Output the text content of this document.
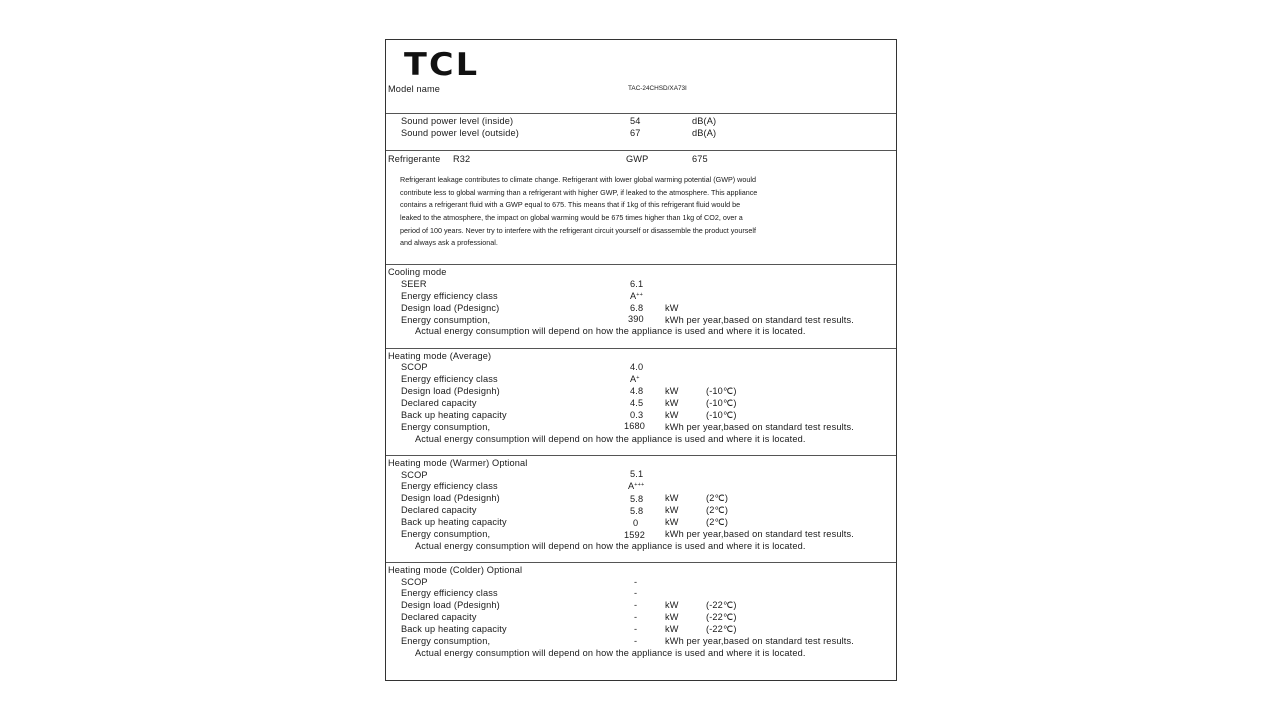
TCL
Model name	TAC-24CHSD/XA73I
Sound power level (inside)	54	dB(A)
Sound power level (outside)	67	dB(A)
Refrigerante R32	GWP	675
Refrigerant leakage contributes to climate change. Refrigerant with lower global warming potential (GWP) would
contribute less to global warming than a refrigerant with higher GWP, if leaked to the atmosphere. This appliance
contains a refrigerant fluid with a GWP equal to 675. This means that if 1kg of this refrigerant fluid would be
leaked to the atmosphere, the impact on global warming would be 675 times higher than 1kg of CO2, over a
period of 100 years. Never try to interfere with the refrigerant circuit yourself or disassemble the product yourself
and always ask a professional.
Cooling mode
SEER	6.1
Energy efficiency class	A++
Design load (Pdesignc)	6.8 kW
Energy consumption,	390 kWh per year,based on standard test results.
Actual energy consumption will depend on how the appliance is used and where it is located.
Heating mode (Average)
SCOP	4.0
Energy efficiency class	A+
Design load (Pdesignh)	4.8 kW	(-10℃)
Declared capacity	4.5 kW	(-10℃)
Back up heating capacity	0.3 kW	(-10℃)
Energy consumption,	1680 kWh per year,based on standard test results.
Actual energy consumption will depend on how the appliance is used and where it is located.
Heating mode (Warmer) Optional
SCOP	5.1
Energy efficiency class	A+++
Design load (Pdesignh)	5.8 kW	(2℃)
Declared capacity	5.8 kW	(2℃)
Back up heating capacity	0	kW	(2℃)
Energy consumption,	1592 kWh per year,based on standard test results.
Actual energy consumption will depend on how the appliance is used and where it is located.
Heating mode (Colder) Optional
SCOP	-
Energy efficiency class	-
Design load (Pdesignh)	-	kW	(-22℃)
Declared capacity	-	kW	(-22℃)
Back up heating capacity	-	kW	(-22℃)
Energy consumption,	-	kWh per year,based on standard test results.
Actual energy consumption will depend on how the appliance is used and where it is located.
